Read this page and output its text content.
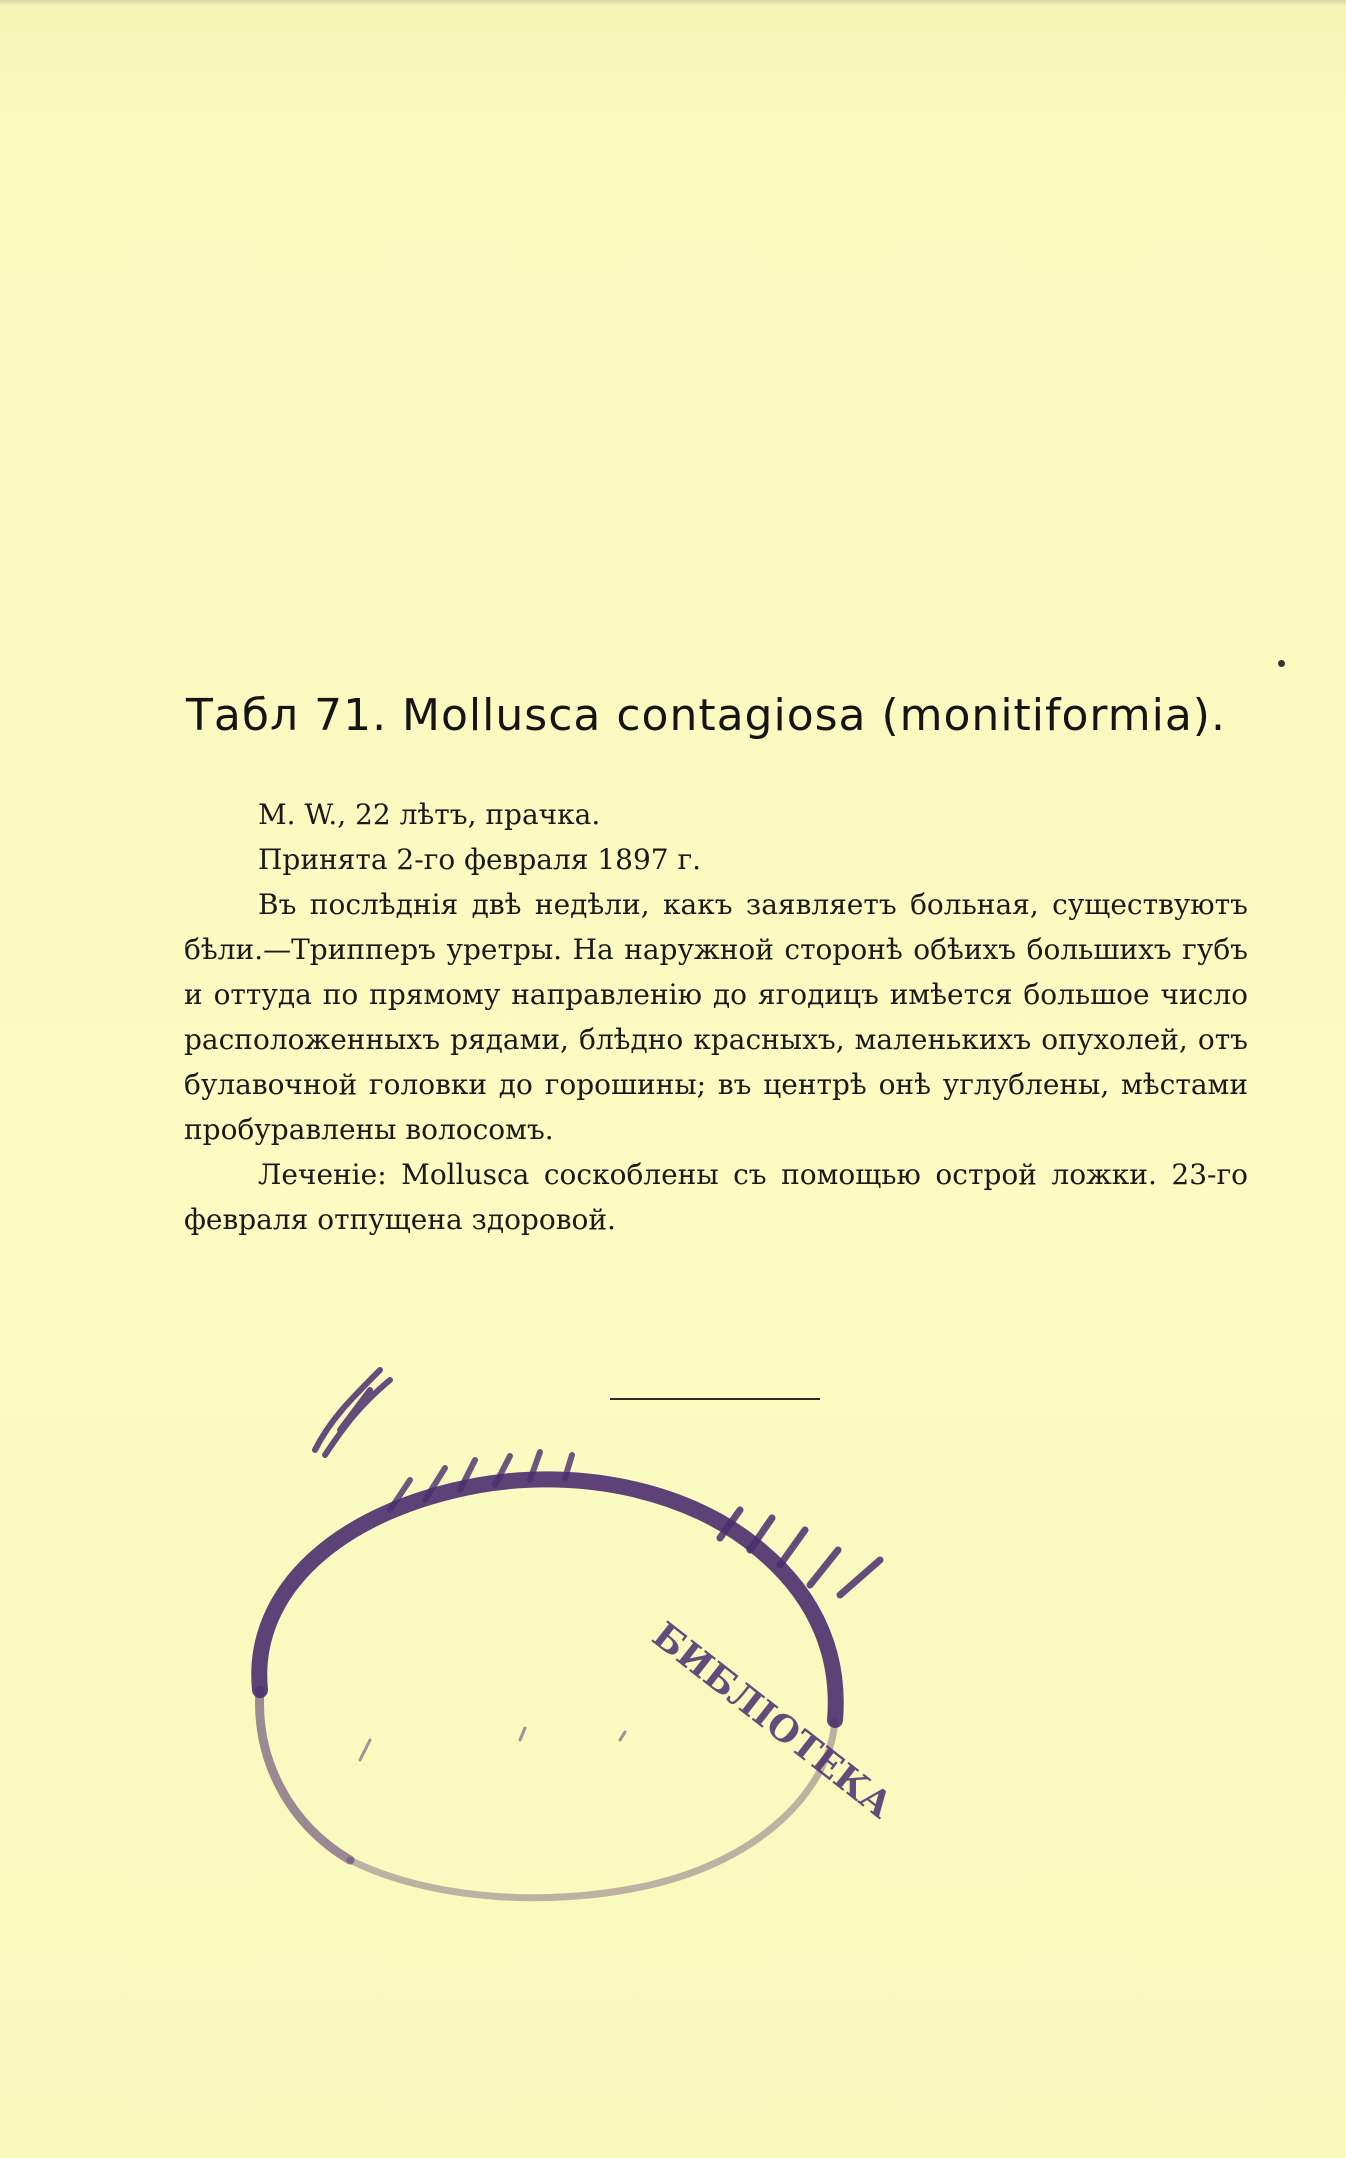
Табл 71. Mollusca contagiosa (monitiformia).

M. W., 22 лѣтъ, прачка.

Принята 2-го февраля 1897 г.

Въ послѣднія двѣ недѣли, какъ заявляетъ больная, существуютъ бѣли.—Трипперъ уретры. На наружной сторонѣ обѣихъ большихъ губъ и оттуда по прямому направленію до ягодицъ имѣется большое число расположенныхъ рядами, блѣдно красныхъ, маленькихъ опухолей, отъ булавочной головки до горошины; въ центрѣ онѣ углублены, мѣстами пробуравлены волосомъ.

Леченіе: Mollusca соскоблены съ помощью острой ложки. 23-го февраля отпущена здоровой.

БИБЛIОТЕКА
